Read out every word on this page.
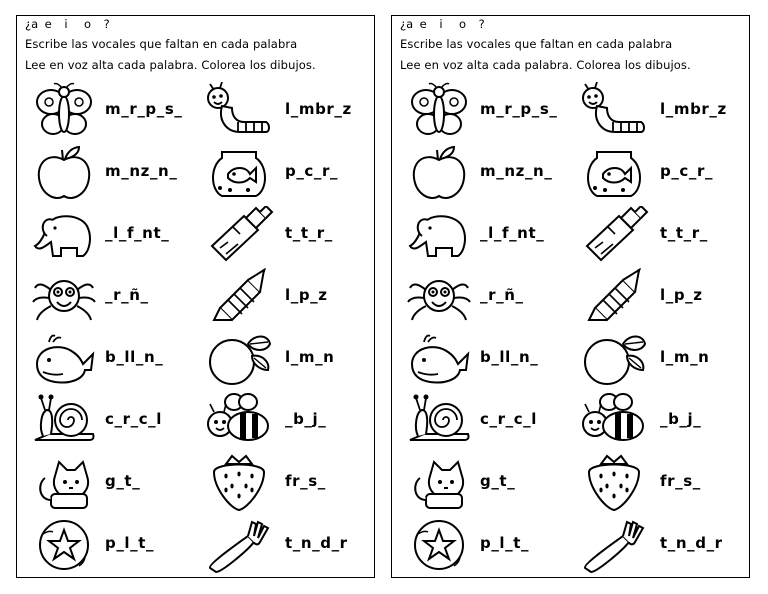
¿a e i o ?
Escribe las vocales que faltan en cada palabra
Lee en voz alta cada palabra. Colorea los dibujos.
m_r_p_s_	l_mbr_z
m_nz_n_	p_c_r_
_l_f_nt_	t_t_r_
_r_ñ_	l_p_z
b_ll_n_	l_m_n
c_r_c_l	_b_j_
g_t_	fr_s_
p_l_t_	t_n_d_r
¿a e i o ?
Escribe las vocales que faltan en cada palabra
Lee en voz alta cada palabra. Colorea los dibujos.
m_r_p_s_	l_mbr_z
m_nz_n_	p_c_r_
_l_f_nt_	t_t_r_
_r_ñ_	l_p_z
b_ll_n_	l_m_n
c_r_c_l	_b_j_
g_t_	fr_s_
p_l_t_	t_n_d_r
